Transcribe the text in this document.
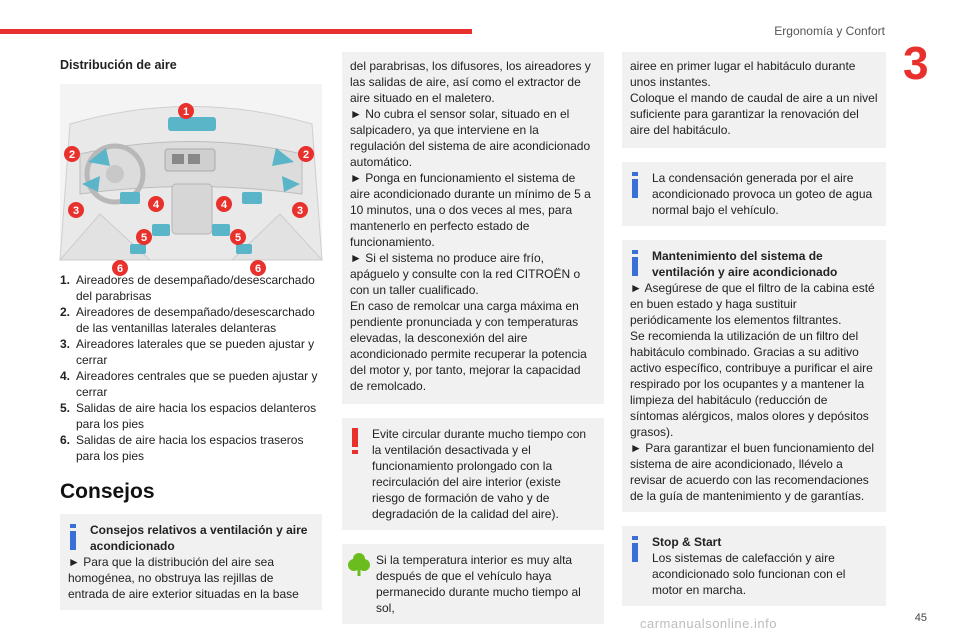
Ergonomía y Confort
3
45
carmanualsonline.info
Distribución de aire
1
2	2
3	3
4	4
5	5
6	6
1. Aireadores de desempañado/desescarchado del parabrisas
2. Aireadores de desempañado/desescarchado de las ventanillas laterales delanteras
3. Aireadores laterales que se pueden ajustar y cerrar
4. Aireadores centrales que se pueden ajustar y cerrar
5. Salidas de aire hacia los espacios delanteros para los pies
6. Salidas de aire hacia los espacios traseros para los pies
Consejos

Consejos relativos a ventilación y aire acondicionado

► Para que la distribución del aire sea homogénea, no obstruya las rejillas de entrada de aire exterior situadas en la base

del parabrisas, los difusores, los aireadores y las salidas de aire, así como el extractor de aire situado en el maletero.

► No cubra el sensor solar, situado en el salpicadero, ya que interviene en la regulación del sistema de aire acondicionado automático.

► Ponga en funcionamiento el sistema de aire acondicionado durante un mínimo de 5 a 10 minutos, una o dos veces al mes, para mantenerlo en perfecto estado de funcionamiento.

► Si el sistema no produce aire frío, apáguelo y consulte con la red CITROËN o con un taller cualificado.

En caso de remolcar una carga máxima en pendiente pronunciada y con temperaturas elevadas, la desconexión del aire acondicionado permite recuperar la potencia del motor y, por tanto, mejorar la capacidad de remolcado.

Evite circular durante mucho tiempo con la ventilación desactivada y el funcionamiento prolongado con la recirculación del aire interior (existe riesgo de formación de vaho y de degradación de la calidad del aire).

Si la temperatura interior es muy alta después de que el vehículo haya permanecido durante mucho tiempo al sol,

airee en primer lugar el habitáculo durante unos instantes.

Coloque el mando de caudal de aire a un nivel suficiente para garantizar la renovación del aire del habitáculo.

La condensación generada por el aire acondicionado provoca un goteo de agua normal bajo el vehículo.

Mantenimiento del sistema de ventilación y aire acondicionado

► Asegúrese de que el filtro de la cabina esté en buen estado y haga sustituir periódicamente los elementos filtrantes.

Se recomienda la utilización de un filtro del habitáculo combinado. Gracias a su aditivo activo específico, contribuye a purificar el aire respirado por los ocupantes y a mantener la limpieza del habitáculo (reducción de síntomas alérgicos, malos olores y depósitos grasos).

► Para garantizar el buen funcionamiento del sistema de aire acondicionado, llévelo a revisar de acuerdo con las recomendaciones de la guía de mantenimiento y de garantías.

Stop & Start

Los sistemas de calefacción y aire acondicionado solo funcionan con el motor en marcha.
